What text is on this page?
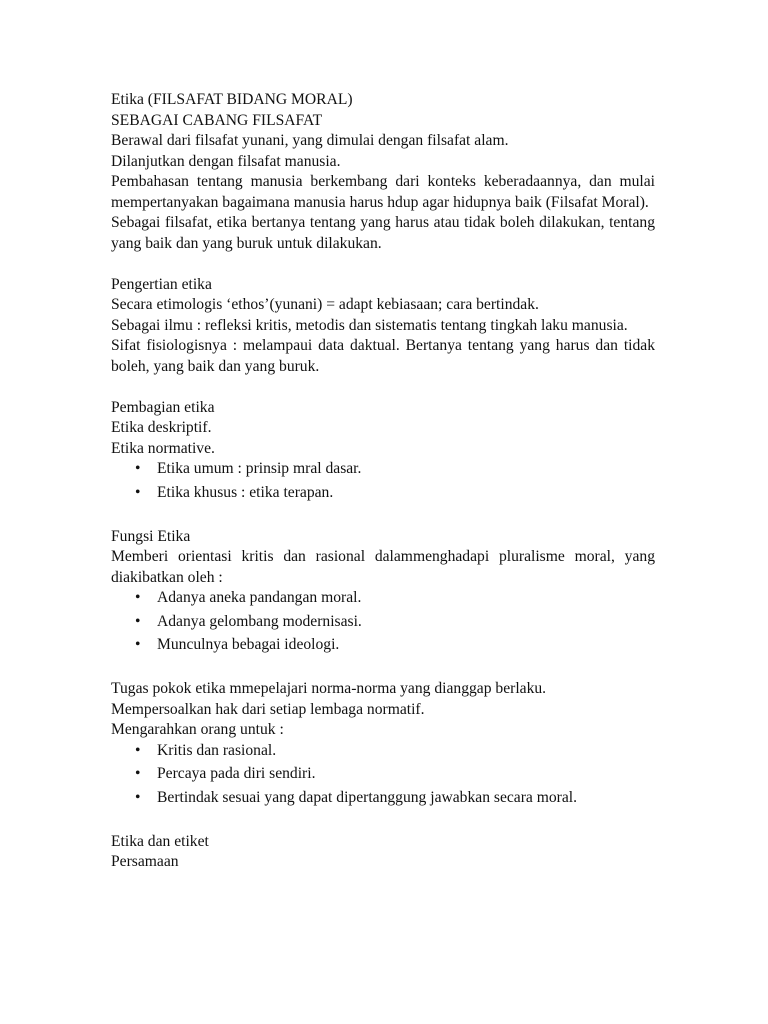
Etika (FILSAFAT BIDANG MORAL)

SEBAGAI CABANG FILSAFAT

Berawal dari filsafat yunani, yang dimulai dengan filsafat alam.

Dilanjutkan dengan filsafat manusia.

Pembahasan tentang manusia berkembang dari konteks keberadaannya, dan mulai mempertanyakan bagaimana manusia harus hdup agar hidupnya baik (Filsafat Moral).

Sebagai filsafat, etika bertanya tentang yang harus atau tidak boleh dilakukan, tentang yang baik dan yang buruk untuk dilakukan.

Pengertian etika

Secara etimologis ‘ethos’(yunani) = adapt kebiasaan; cara bertindak.

Sebagai ilmu : refleksi kritis, metodis dan sistematis tentang tingkah laku manusia.

Sifat fisiologisnya : melampaui data daktual. Bertanya tentang yang harus dan tidak boleh, yang baik dan yang buruk.

Pembagian etika

Etika deskriptif.

Etika normative.

• Etika umum : prinsip mral dasar.
• Etika khusus : etika terapan.

Fungsi Etika

Memberi orientasi kritis dan rasional dalammenghadapi pluralisme moral, yang diakibatkan oleh :

• Adanya aneka pandangan moral.
• Adanya gelombang modernisasi.
• Munculnya bebagai ideologi.

Tugas pokok etika mmepelajari norma-norma yang dianggap berlaku.

Mempersoalkan hak dari setiap lembaga normatif.

Mengarahkan orang untuk :

• Kritis dan rasional.
• Percaya pada diri sendiri.
• Bertindak sesuai yang dapat dipertanggung jawabkan secara moral.

Etika dan etiket

Persamaan
